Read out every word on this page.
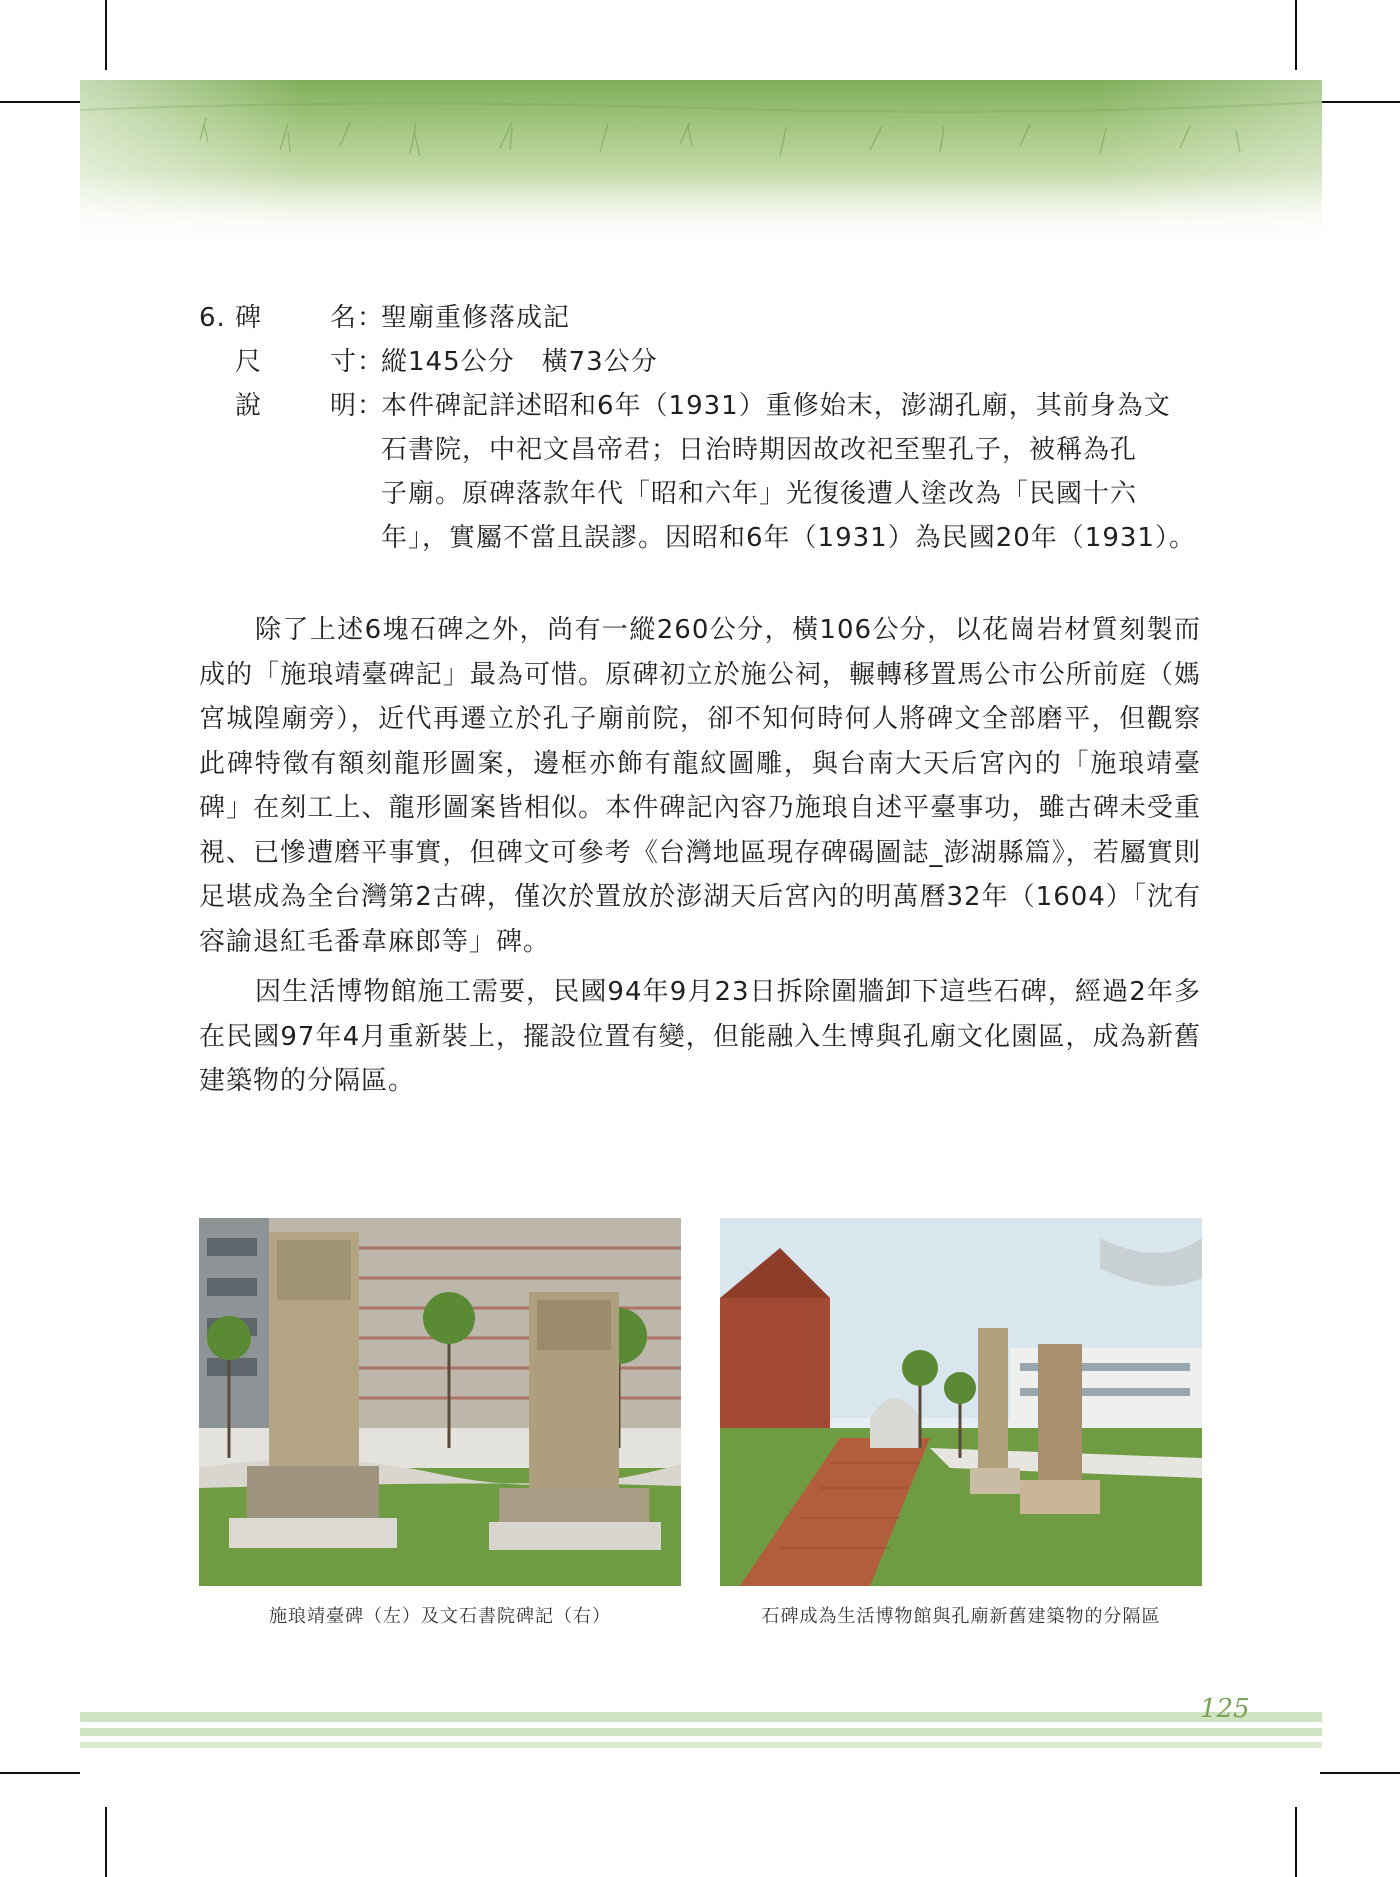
6. 碑	名 ：
聖廟重修落成記
尺	寸 ：
縱145公分　橫73公分
說	明 ：
本件碑記詳述昭和6年（1931）重修始末，澎湖孔廟，其前身為文
石書院，中祀文昌帝君；日治時期因故改祀至聖孔子，被稱為孔
子廟。原碑落款年代「昭和六年」光復後遭人塗改為「民國十六
年」，實屬不當且誤謬。因昭和6年（1931）為民國20年（1931）。

除了上述6塊石碑之外，尚有一縱260公分，橫106公分，以花崗岩材質刻製而成的「施琅靖臺碑記」最為可惜。原碑初立於施公祠，輾轉移置馬公市公所前庭（媽宮城隍廟旁），近代再遷立於孔子廟前院，卻不知何時何人將碑文全部磨平，但觀察此碑特徵有額刻龍形圖案，邊框亦飾有龍紋圖雕，與台南大天后宮內的「施琅靖臺碑」在刻工上、龍形圖案皆相似。本件碑記內容乃施琅自述平臺事功，雖古碑未受重視、已慘遭磨平事實，但碑文可參考《台灣地區現存碑碣圖誌_澎湖縣篇》，若屬實則足堪成為全台灣第2古碑，僅次於置放於澎湖天后宮內的明萬曆32年（1604）「沈有容諭退紅毛番韋麻郎等」碑。

因生活博物館施工需要，民國94年9月23日拆除圍牆卸下這些石碑，經過2年多在民國97年4月重新裝上，擺設位置有變，但能融入生博與孔廟文化園區，成為新舊建築物的分隔區。

施琅靖臺碑（左）及文石書院碑記（右）	石碑成為生活博物館與孔廟新舊建築物的分隔區
125
